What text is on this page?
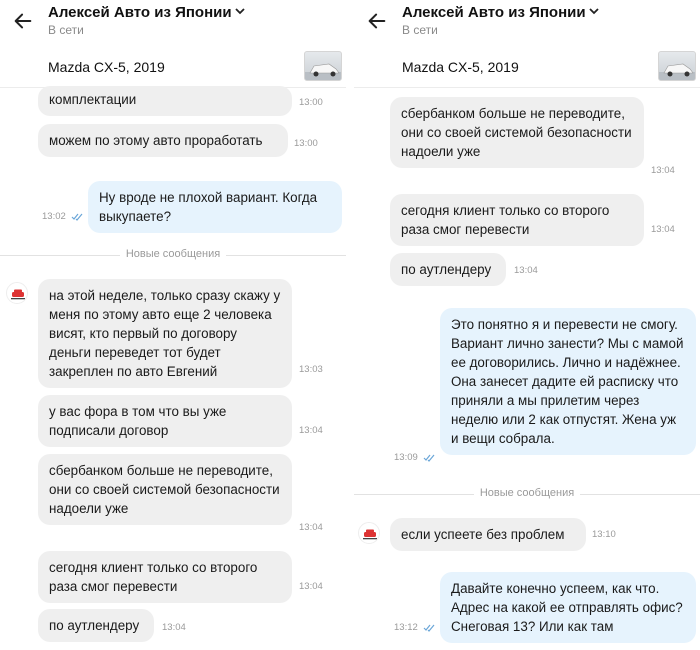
Алексей Авто из Японии
В сети
Mazda CX-5, 2019
комплектации	13:00
можем по этому авто проработать	13:00
13:02
Ну вроде не плохой вариант. Когда выкупаете?
Новые сообщения
на этой неделе, только сразу скажу у меня по этому авто еще 2 человека висят, кто первый по договору деньги переведет тот будет закреплен по авто Евгений	13:03
у вас фора в том что вы уже подписали договор	13:04
сбербанком больше не переводите, они со своей системой безопасности надоели уже
13:04
сегодня клиент только со второго раза смог перевести	13:04
по аутлендеру	13:04
Алексей Авто из Японии
В сети
Mazda CX-5, 2019
сбербанком больше не переводите, они со своей системой безопасности надоели уже
13:04
сегодня клиент только со второго раза смог перевести	13:04
по аутлендеру	13:04
13:09
Это понятно я и перевести не смогу. Вариант лично занести? Мы с мамой ее договорились. Лично и надёжнее. Она занесет дадите ей расписку что приняли а мы прилетим через неделю или 2 как отпустят. Жена уж и вещи собрала.
Новые сообщения
если успеете без проблем	13:10
13:12
Давайте конечно успеем, как что. Адрес на какой ее отправлять офис? Снеговая 13? Или как там
